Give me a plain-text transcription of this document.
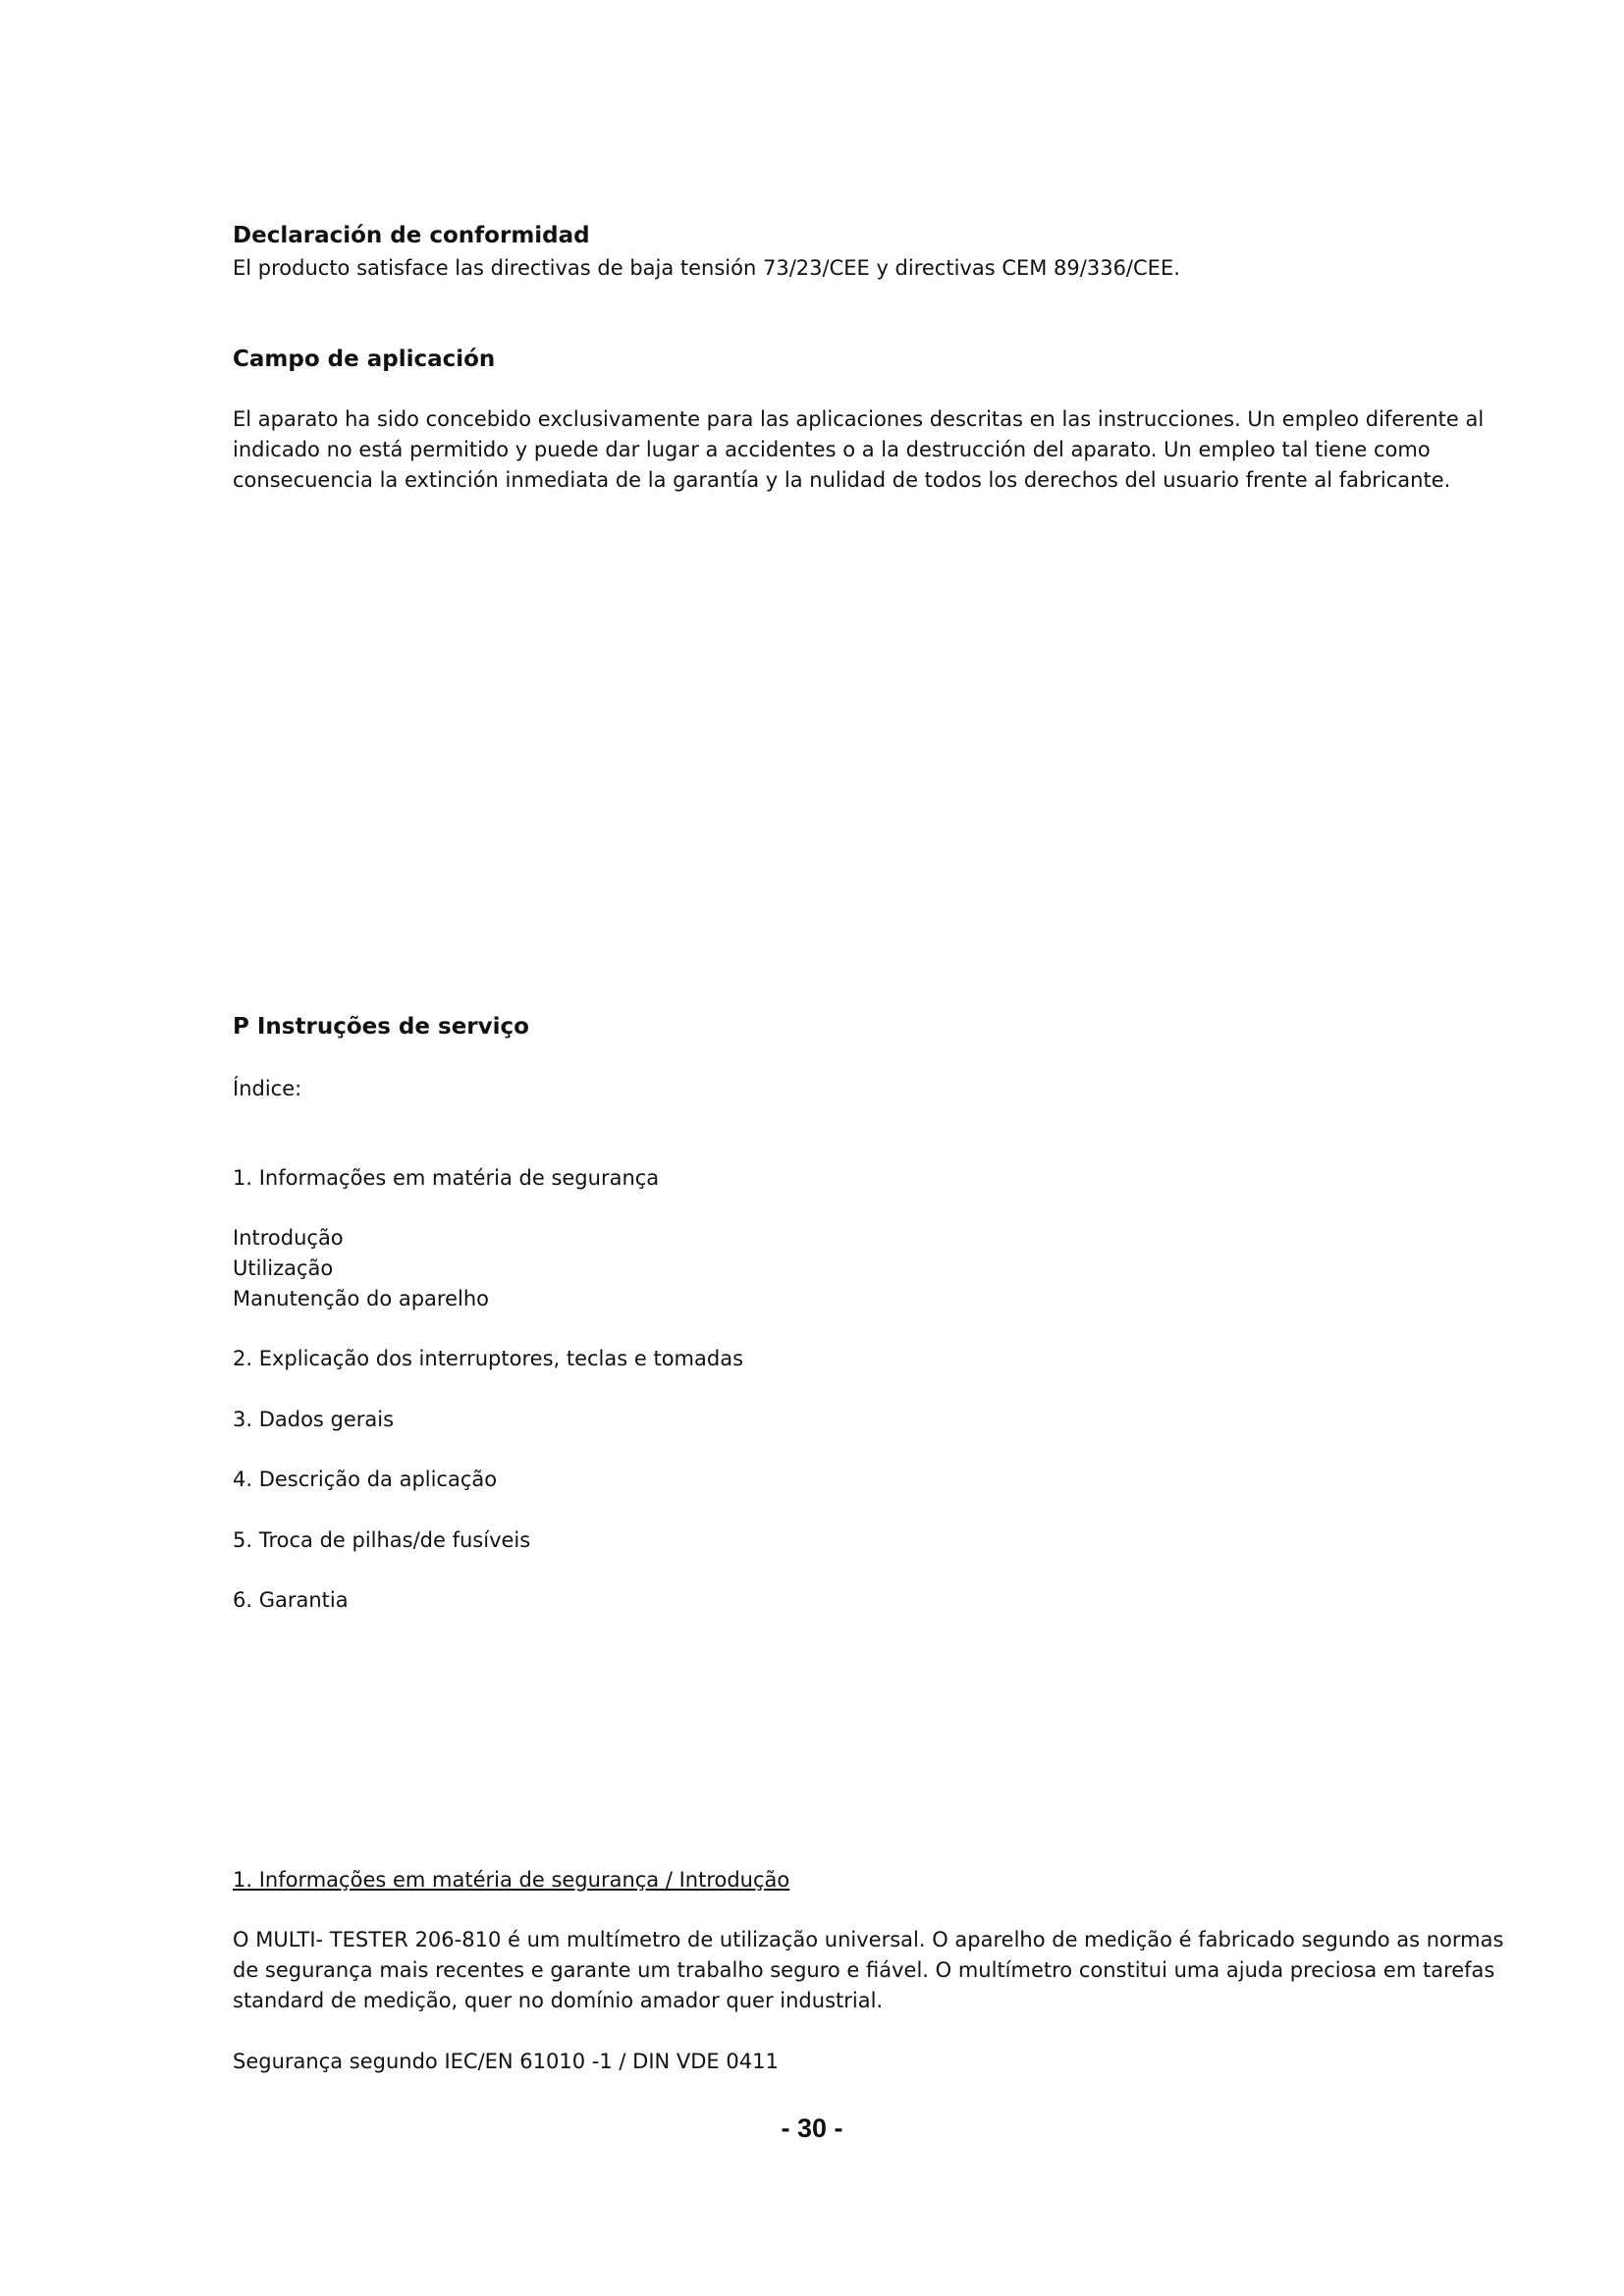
Declaración de conformidad
El producto satisface las directivas de baja tensión 73/23/CEE y directivas CEM 89/336/CEE.
Campo de aplicación
El aparato ha sido concebido exclusivamente para las aplicaciones descritas en las instrucciones. Un empleo diferente al indicado no está permitido y puede dar lugar a accidentes o a la destrucción del aparato. Un empleo tal tiene como consecuencia la extinción inmediata de la garantía y la nulidad de todos los derechos del usuario frente al fabricante.
P Instruções de serviço
Índice:
1. Informações em matéria de segurança
Introdução
Utilização
Manutenção do aparelho
2. Explicação dos interruptores, teclas e tomadas
3. Dados gerais
4. Descrição da aplicação
5. Troca de pilhas/de fusíveis
6. Garantia
1. Informações em matéria de segurança / Introdução
O MULTI- TESTER 206-810 é um multímetro de utilização universal. O aparelho de medição é fabricado segundo as normas de segurança mais recentes e garante um trabalho seguro e fiável. O multímetro constitui uma ajuda preciosa em tarefas standard de medição, quer no domínio amador quer industrial.
Segurança segundo IEC/EN 61010 -1 / DIN VDE 0411
- 30 -
